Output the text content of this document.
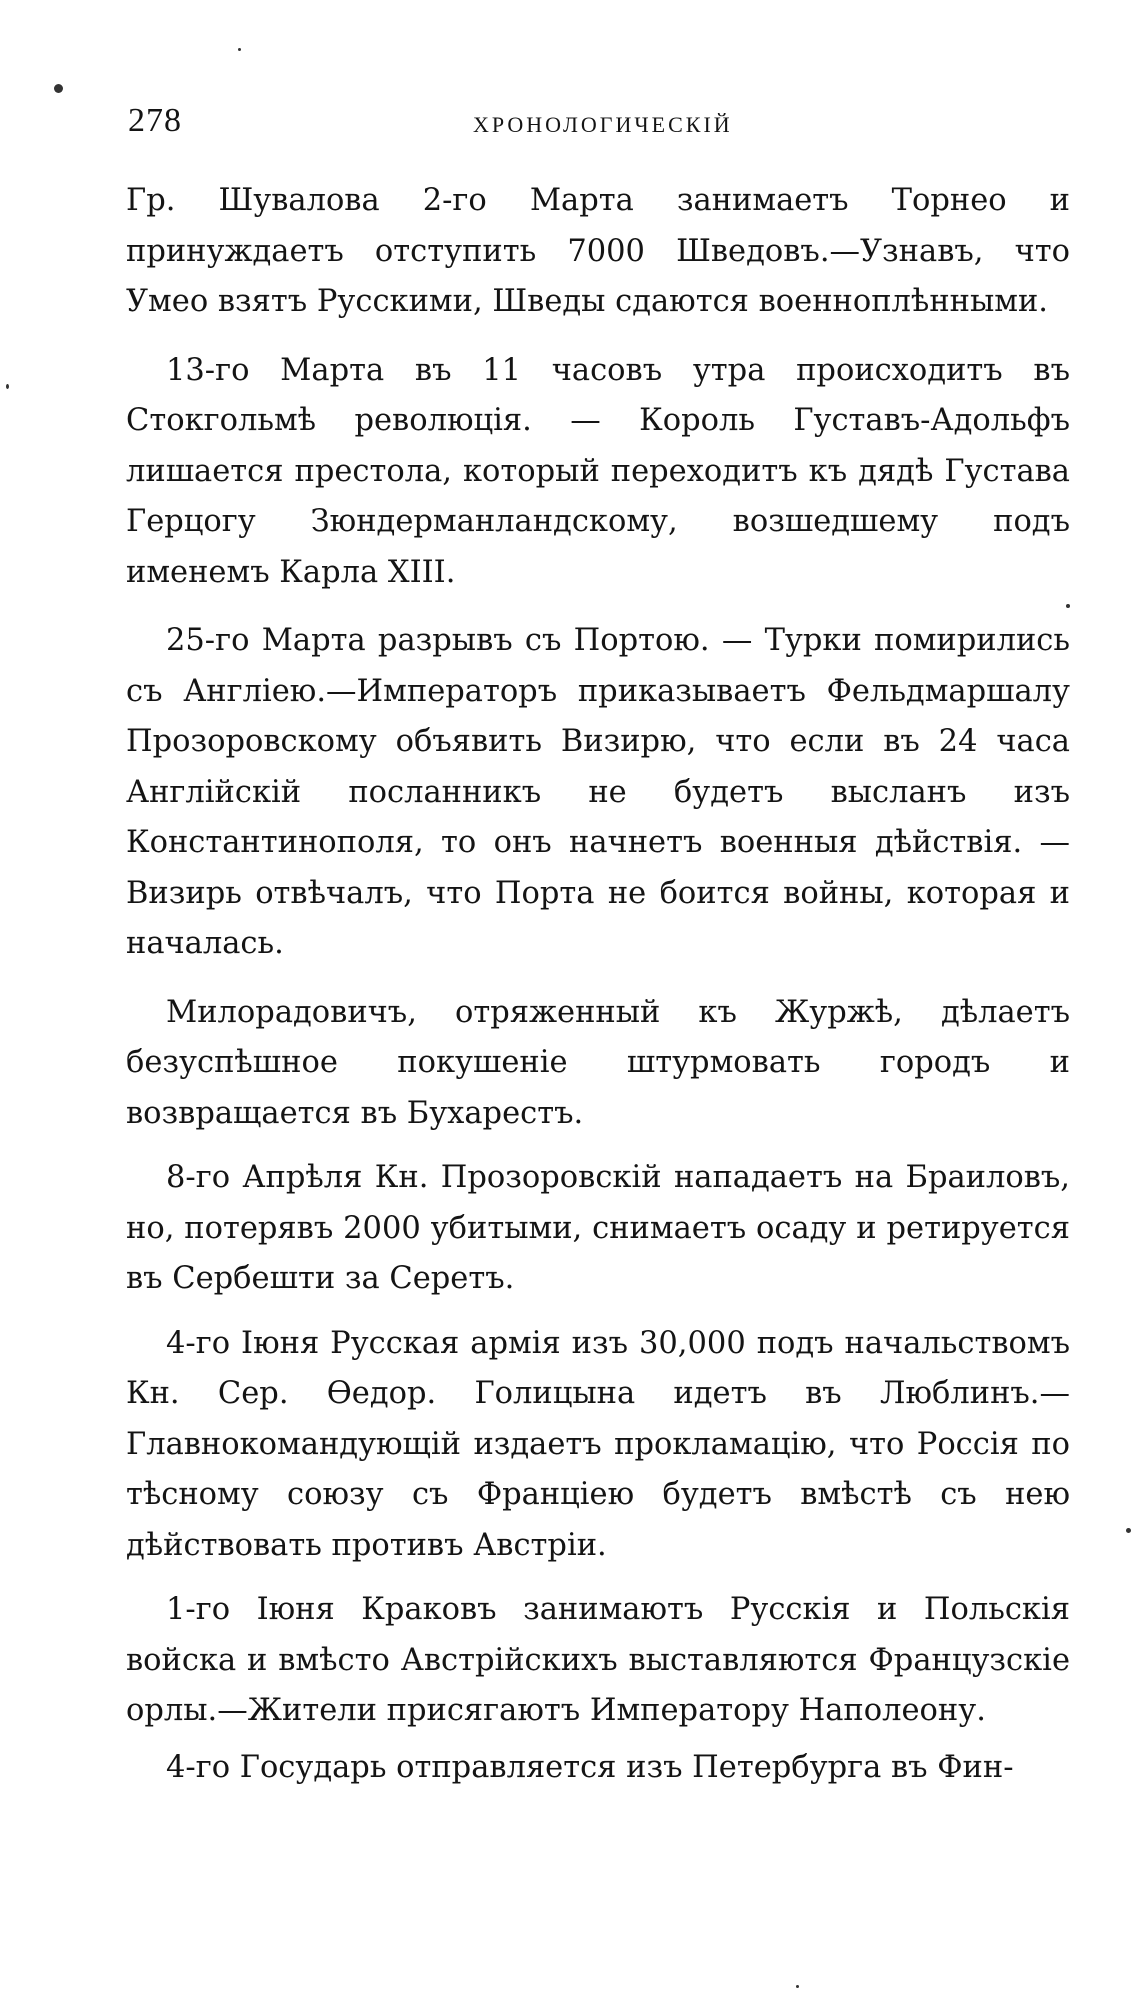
278	ХРОНОЛОГИЧЕСКІЙ

Гр. Шувалова 2-го Марта занимаетъ Торнео и принуждаетъ отступить 7000 Шведовъ.—Узнавъ, что Умео взятъ Русскими, Шведы сдаются военноплѣнными.

13-го Марта въ 11 часовъ утра происходитъ въ Стокгольмѣ революція. — Король Густавъ-Адольфъ лишается престола, который переходитъ къ дядѣ Густава Герцогу Зюндерманландскому, возшедшему подъ именемъ Карла XIII.

25-го Марта разрывъ съ Портою. — Турки помирились съ Англіею.—Императоръ приказываетъ Фельдмаршалу Прозоровскому объявить Визирю, что если въ 24 часа Англійскій посланникъ не будетъ высланъ изъ Константинополя, то онъ начнетъ военныя дѣйствія. — Визирь отвѣчалъ, что Порта не боится войны, которая и началась.

Милорадовичъ, отряженный къ Журжѣ, дѣлаетъ безуспѣшное покушеніе штурмовать городъ и возвращается въ Бухарестъ.

8-го Апрѣля Кн. Прозоровскій нападаетъ на Браиловъ, но, потерявъ 2000 убитыми, снимаетъ осаду и ретируется въ Сербешти за Серетъ.

4-го Іюня Русская армія изъ 30,000 подъ начальствомъ Кн. Сер. Ѳедор. Голицына идетъ въ Люблинъ.—Главнокомандующій издаетъ прокламацію, что Россія по тѣсному союзу съ Франціею будетъ вмѣстѣ съ нею дѣйствовать противъ Австріи.

1-го Іюня Краковъ занимаютъ Русскія и Польскія войска и вмѣсто Австрійскихъ выставляются Французскіе орлы.—Жители присягаютъ Императору Наполеону.

4-го Государь отправляется изъ Петербурга въ Фин-
